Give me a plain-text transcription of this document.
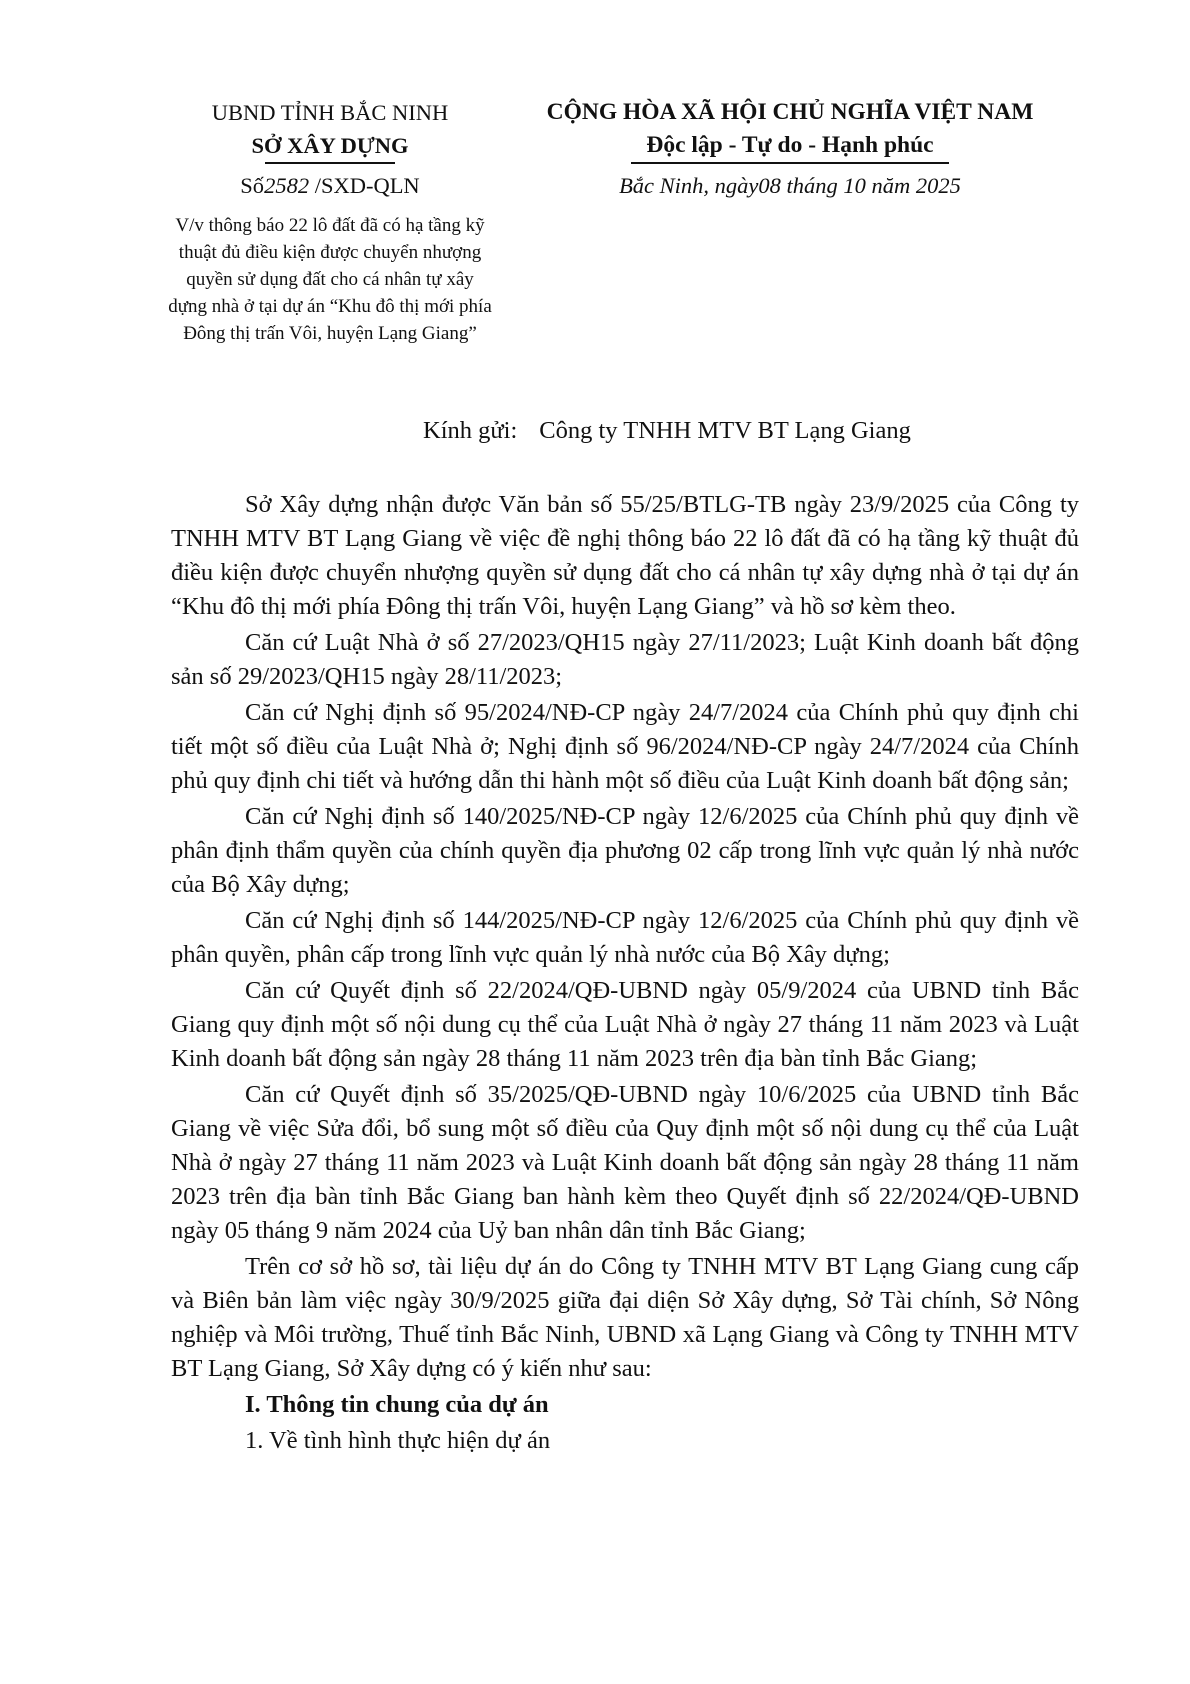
UBND TỈNH BẮC NINH
SỞ XÂY DỰNG
Số2582 /SXD-QLN
V/v thông báo 22 lô đất đã có hạ tầng kỹ thuật đủ điều kiện được chuyển nhượng quyền sử dụng đất cho cá nhân tự xây dựng nhà ở tại dự án “Khu đô thị mới phía Đông thị trấn Vôi, huyện Lạng Giang”
CỘNG HÒA XÃ HỘI CHỦ NGHĨA VIỆT NAM
Độc lập - Tự do - Hạnh phúc
Bắc Ninh, ngày08 tháng 10 năm 2025
Kính gửi: Công ty TNHH MTV BT Lạng Giang

Sở Xây dựng nhận được Văn bản số 55/25/BTLG-TB ngày 23/9/2025 của Công ty TNHH MTV BT Lạng Giang về việc đề nghị thông báo 22 lô đất đã có hạ tầng kỹ thuật đủ điều kiện được chuyển nhượng quyền sử dụng đất cho cá nhân tự xây dựng nhà ở tại dự án “Khu đô thị mới phía Đông thị trấn Vôi, huyện Lạng Giang” và hồ sơ kèm theo.

Căn cứ Luật Nhà ở số 27/2023/QH15 ngày 27/11/2023; Luật Kinh doanh bất động sản số 29/2023/QH15 ngày 28/11/2023;

Căn cứ Nghị định số 95/2024/NĐ-CP ngày 24/7/2024 của Chính phủ quy định chi tiết một số điều của Luật Nhà ở; Nghị định số 96/2024/NĐ-CP ngày 24/7/2024 của Chính phủ quy định chi tiết và hướng dẫn thi hành một số điều của Luật Kinh doanh bất động sản;

Căn cứ Nghị định số 140/2025/NĐ-CP ngày 12/6/2025 của Chính phủ quy định về phân định thẩm quyền của chính quyền địa phương 02 cấp trong lĩnh vực quản lý nhà nước của Bộ Xây dựng;

Căn cứ Nghị định số 144/2025/NĐ-CP ngày 12/6/2025 của Chính phủ quy định về phân quyền, phân cấp trong lĩnh vực quản lý nhà nước của Bộ Xây dựng;

Căn cứ Quyết định số 22/2024/QĐ-UBND ngày 05/9/2024 của UBND tỉnh Bắc Giang quy định một số nội dung cụ thể của Luật Nhà ở ngày 27 tháng 11 năm 2023 và Luật Kinh doanh bất động sản ngày 28 tháng 11 năm 2023 trên địa bàn tỉnh Bắc Giang;

Căn cứ Quyết định số 35/2025/QĐ-UBND ngày 10/6/2025 của UBND tỉnh Bắc Giang về việc Sửa đổi, bổ sung một số điều của Quy định một số nội dung cụ thể của Luật Nhà ở ngày 27 tháng 11 năm 2023 và Luật Kinh doanh bất động sản ngày 28 tháng 11 năm 2023 trên địa bàn tỉnh Bắc Giang ban hành kèm theo Quyết định số 22/2024/QĐ-UBND ngày 05 tháng 9 năm 2024 của Uỷ ban nhân dân tỉnh Bắc Giang;

Trên cơ sở hồ sơ, tài liệu dự án do Công ty TNHH MTV BT Lạng Giang cung cấp và Biên bản làm việc ngày 30/9/2025 giữa đại diện Sở Xây dựng, Sở Tài chính, Sở Nông nghiệp và Môi trường, Thuế tỉnh Bắc Ninh, UBND xã Lạng Giang và Công ty TNHH MTV BT Lạng Giang, Sở Xây dựng có ý kiến như sau:

I. Thông tin chung của dự án
1. Về tình hình thực hiện dự án
